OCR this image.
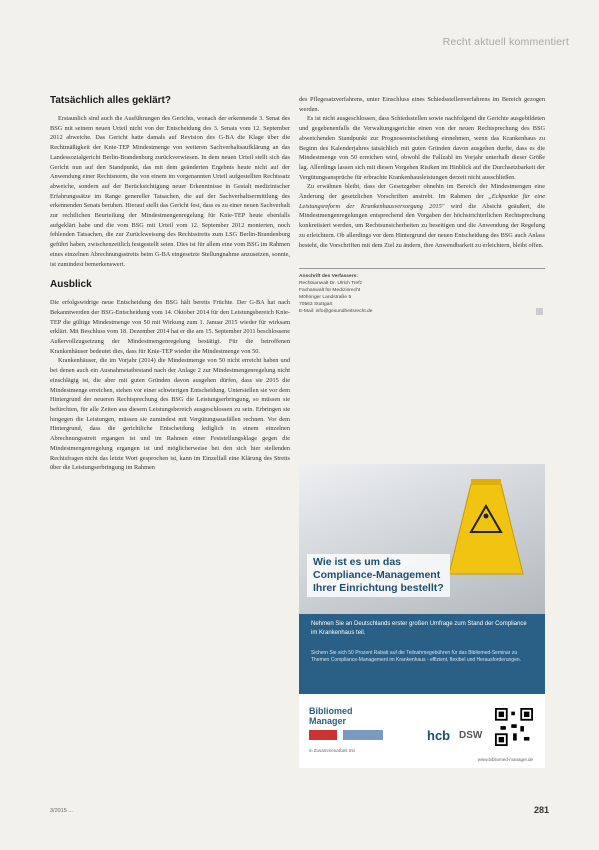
Recht aktuell kommentiert
Tatsächlich alles geklärt?

Erstaunlich sind auch die Ausführungen des Gerichts, wonach der erkennende 3. Senat des BSG mit seinem neuen Urteil nicht von der Entscheidung des 3. Senats vom 12. September 2012 abweiche. Das Gericht hatte damals auf Revision des G-BA die Klage über die Rechtmäßigkeit der Knie-TEP Mindestmenge von weiteren Sachverhaltsaufklärung an das Landessozialgericht Berlin-Brandenburg zurückverwiesen. In dem neuen Urteil stellt sich das Gericht nun auf den Standpunkt, das mit dem geänderten Ergebnis heute nicht auf der Anwendung einer Rechtsnorm, die von einem im vorgenannten Urteil aufgestellten Rechtssatz abweiche, sondern auf der Berücksichtigung neuer Erkenntnisse in Gestalt medizinischer Erfahrungssätze im Range genereller Tatsachen, die auf der Sachverhaltsermittlung des erkennenden Senats beruhen. Hierauf stellt das Gericht fest, dass es zu einer neuen Sachverhalt zur rechtlichen Beurteilung der Mindestmengenregelung für Knie-TEP heute ebenfalls aufgeklärt habe und die vom BSG mit Urteil vom 12. September 2012 monierten, noch fehlenden Tatsachen, die zur Zurückweisung des Rechtsstreits zum LSG Berlin-Brandenburg geführt haben, zwischenzeitlich festgestellt seien. Dies ist für allem eine vom BSG im Rahmen eines einzelnen Abrechnungsstreits beim G-BA eingesetzte Stellungnahme anzusetzen, sonnte, ist zumindest bemerkenswert.

Ausblick

Die erfolgswidrige neue Entscheidung des BSG hält bereits Früchte. Der G-BA hat nach Bekanntwerden der BSG-Entscheidung vom 14. Oktober 2014 für den Leistungsbereich Knie-TEP die gültige Mindestmenge von 50 mit Wirkung zum 1. Januar 2015 wieder für wirksam erklärt. Mit Beschluss vom 18. Dezember 2014 hat er die am 15. September 2011 beschlossene Außervollzugsetzung der Mindestmengenregelung bestätigt. Für die betroffenen Krankenhäuser bedeutet dies, dass für Knie-TEP wieder die Mindestmenge von 50.

Krankenhäuser, die im Vorjahr (2014) die Mindestmenge von 50 nicht erreicht haben und bei denen auch ein Ausnahmetatbestand nach der Anlage 2 zur Mindestmengenregelung nicht einschlägig ist, die aber mit guten Gründen davon ausgehen dürfen, dass sie 2015 die Mindestmenge erreichen, stehen vor einer schwierigen Entscheidung. Unterstellen sie vor dem Hintergrund der neueren Rechtsprechung des BSG die Leistungserbringung, so müssen sie befürchten, für alle Zeiten aus diesem Leistungsbereich ausgeschlossen zu sein. Erbringen sie hingegen die Leistungen, müssen sie zumindest mit Vergütungsausfällen rechnen. Vor dem Hintergrund, dass die gerichtliche Entscheidung lediglich in einem einzelnen Abrechnungsstreit ergangen ist und im Rahmen einer Feststellungsklage gegen die Mindestmengenregelung ergangen ist und möglicherweise bei den sich hier stellenden Rechtsfragen nicht das letzte Wort gesprochen ist, kann im Einzelfall eine Klärung des Streits über die Leistungserbringung im Rahmen

des Pflegesatzverfahrens, unter Einschluss eines Schiedsstellenverfahrens im Bereich gezogen werden.

Es ist nicht ausgeschlossen, dass Schiedsstellen sowie nachfolgend die Gerichte ausgebildeten und gegebenenfalls die Verwaltungsgerichte einen von der neuen Rechtsprechung des BSG abweichenden Standpunkt zur Prognoseentscheidung einnehmen, wenn das Krankenhaus zu Beginn des Kalenderjahres tatsächlich mit guten Gründen davon ausgehen durfte, dass es die Mindestmenge von 50 erreichen wird, obwohl die Fallzahl im Vorjahr unterhalb dieser Größe lag. Allerdings lassen sich mit diesen Vorgehen Risiken im Hinblick auf die Durchsetzbarkeit der Vergütungsansprüche für erbrachte Krankenhausleistungen derzeit nicht ausschließen.

Zu erwähnen bleibt, dass der Gesetzgeber ohnehin im Bereich der Mindestmengen eine Änderung der gesetzlichen Vorschriften anstrebt. Im Rahmen der „Eckpunkte für eine Leistungsreform der Krankenhausversorgung 2015" wird die Absicht geäußert, die Mindestmengenregelungen entsprechend den Vorgaben der höchstrichterlichen Rechtsprechung konkretisiert werden, um Rechtsunsicherheiten zu beseitigen und die Anwendung der Regelung zu erleichtern. Ob allerdings vor dem Hintergrund der neuen Entscheidung des BSG auch Anlass besteht, die Vorschriften mit dem Ziel zu ändern, ihre Anwendbarkeit zu erleichtern, bleibt offen.

Anschrift des Verfassers:
Rechtsanwalt Dr. Ulrich Trefz
Fachanwalt für Medizinrecht
Möhringer Landstraße 5
70563 Stuttgart
E-Mail: info@gesundheitsrecht.de
Wie ist es um das
Compliance-Management
Ihrer Einrichtung bestellt?
Nehmen Sie an Deutschlands erster großen Umfrage zum Stand der Compliance im Krankenhaus teil.
Sichern Sie sich 50 Prozent Rabatt auf die Teilnahmegebühren für das Bibliomed-Seminar zu Themen Compliance-Management im Krankenhaus - effizient, flexibel und Herausforderungen.
Bibliomed Manager
hcb DSW
in Zusammenarbeit mit
www.bibliomed-manager.de
3/2015 ...	281
